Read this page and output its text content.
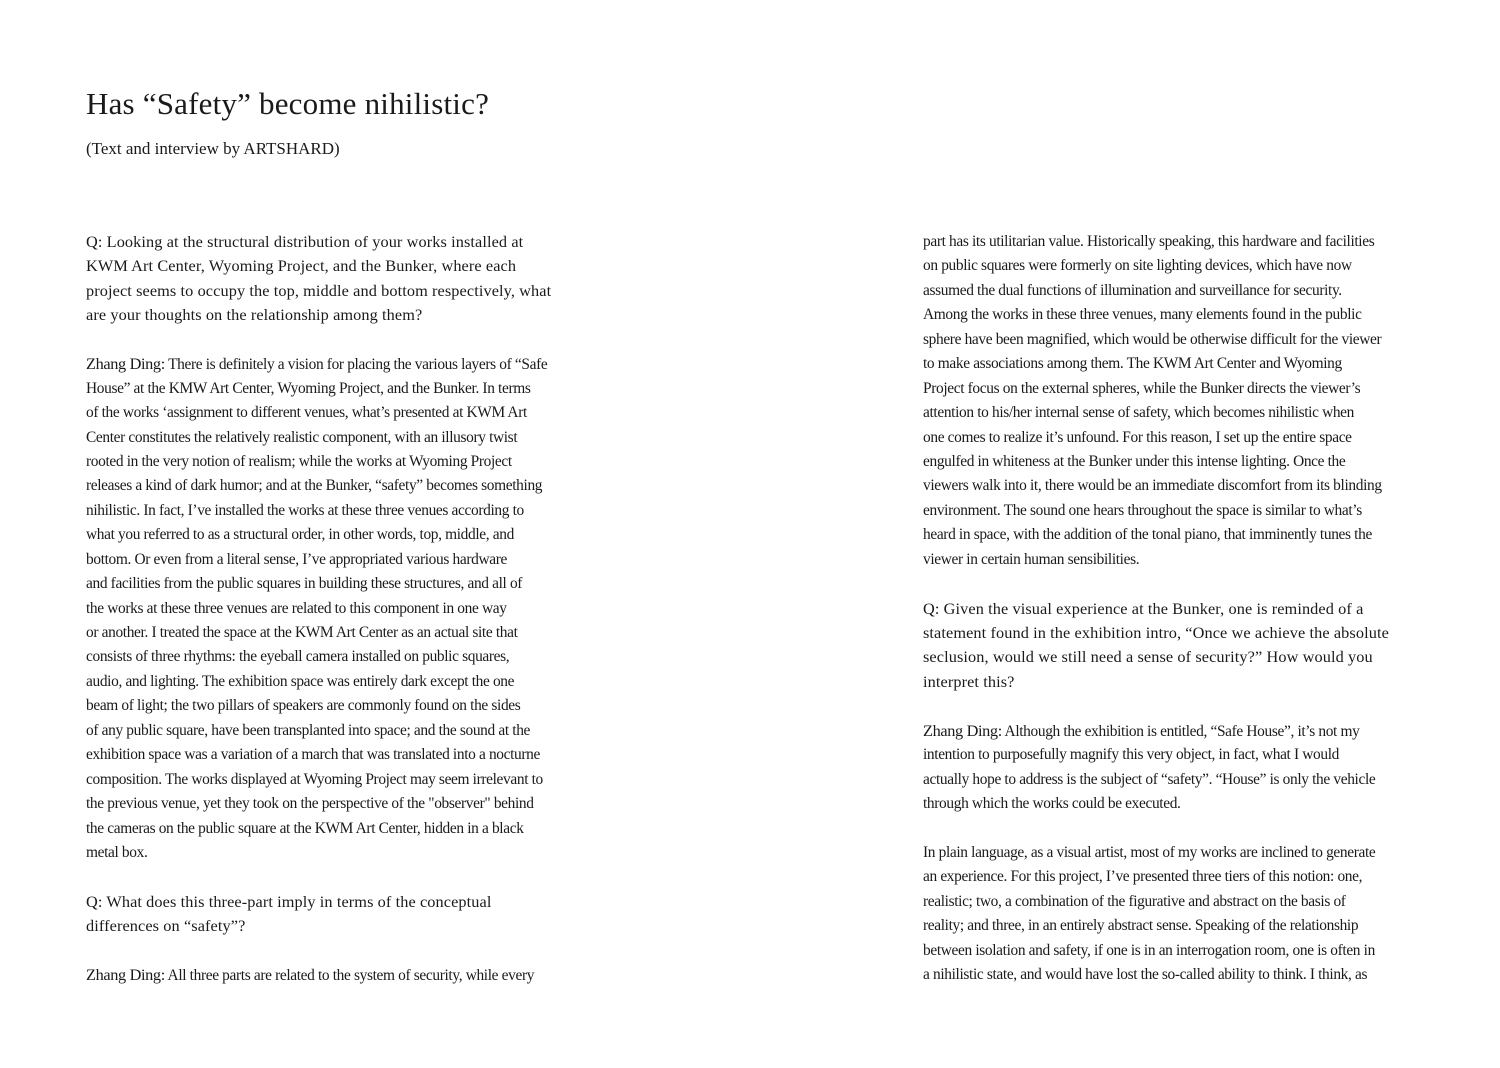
Has “Safety” become nihilistic?

(Text and interview by ARTSHARD)

Q: Looking at the structural distribution of your works installed at
KWM Art Center, Wyoming Project, and the Bunker, where each
project seems to occupy the top, middle and bottom respectively, what
are your thoughts on the relationship among them?
Zhang Ding: There is definitely a vision for placing the various layers of “Safe
House” at the KMW Art Center, Wyoming Project, and the Bunker. In terms
of the works ‘assignment to different venues, what’s presented at KWM Art
Center constitutes the relatively realistic component, with an illusory twist
rooted in the very notion of realism; while the works at Wyoming Project
releases a kind of dark humor; and at the Bunker, “safety” becomes something
nihilistic. In fact, I’ve installed the works at these three venues according to
what you referred to as a structural order, in other words, top, middle, and
bottom. Or even from a literal sense, I’ve appropriated various hardware
and facilities from the public squares in building these structures, and all of
the works at these three venues are related to this component in one way
or another. I treated the space at the KWM Art Center as an actual site that
consists of three rhythms: the eyeball camera installed on public squares,
audio, and lighting. The exhibition space was entirely dark except the one
beam of light; the two pillars of speakers are commonly found on the sides
of any public square, have been transplanted into space; and the sound at the
exhibition space was a variation of a march that was translated into a nocturne
composition. The works displayed at Wyoming Project may seem irrelevant to
the previous venue, yet they took on the perspective of the "observer" behind
the cameras on the public square at the KWM Art Center, hidden in a black
metal box.
Q: What does this three-part imply in terms of the conceptual
differences on “safety”?
Zhang Ding: All three parts are related to the system of security, while every
part has its utilitarian value. Historically speaking, this hardware and facilities
on public squares were formerly on site lighting devices, which have now
assumed the dual functions of illumination and surveillance for security.
Among the works in these three venues, many elements found in the public
sphere have been magnified, which would be otherwise difficult for the viewer
to make associations among them. The KWM Art Center and Wyoming
Project focus on the external spheres, while the Bunker directs the viewer’s
attention to his/her internal sense of safety, which becomes nihilistic when
one comes to realize it’s unfound. For this reason, I set up the entire space
engulfed in whiteness at the Bunker under this intense lighting. Once the
viewers walk into it, there would be an immediate discomfort from its blinding
environment. The sound one hears throughout the space is similar to what’s
heard in space, with the addition of the tonal piano, that imminently tunes the
viewer in certain human sensibilities.
Q: Given the visual experience at the Bunker, one is reminded of a
statement found in the exhibition intro, “Once we achieve the absolute
seclusion, would we still need a sense of security?” How would you
interpret this?
Zhang Ding: Although the exhibition is entitled, “Safe House”, it’s not my
intention to purposefully magnify this very object, in fact, what I would
actually hope to address is the subject of “safety”. “House” is only the vehicle
through which the works could be executed.
In plain language, as a visual artist, most of my works are inclined to generate
an experience. For this project, I’ve presented three tiers of this notion: one,
realistic; two, a combination of the figurative and abstract on the basis of
reality; and three, in an entirely abstract sense. Speaking of the relationship
between isolation and safety, if one is in an interrogation room, one is often in
a nihilistic state, and would have lost the so-called ability to think. I think, as
